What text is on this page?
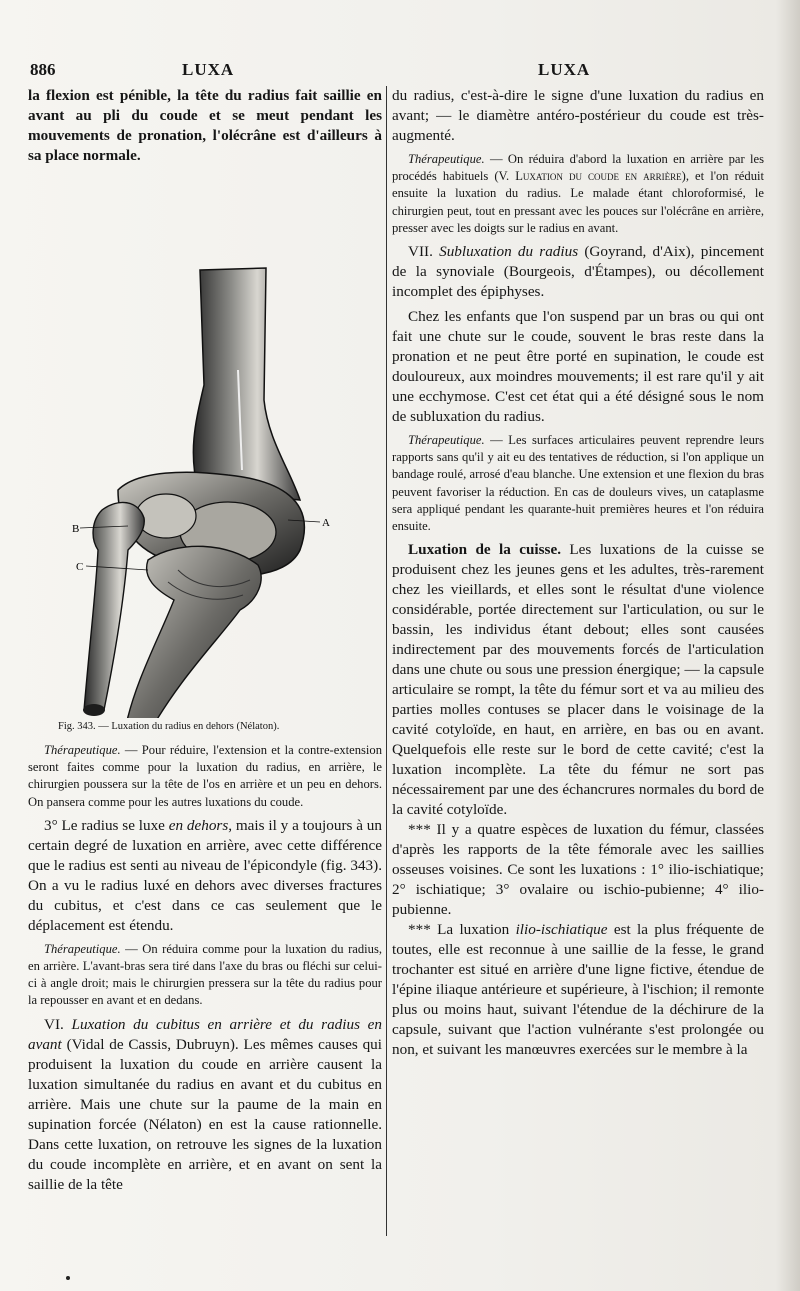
886	LUXA	LUXA

la flexion est pénible, la tête du radius fait saillie en avant au pli du coude et se meut pendant les mouvements de pronation, l'olécrâne est d'ailleurs à sa place normale.

B
C
A

Fig. 343. — Luxation du radius en dehors (Nélaton).

Thérapeutique. — Pour réduire, l'extension et la contre-extension seront faites comme pour la luxation du radius, en arrière, le chirurgien poussera sur la tête de l'os en arrière et un peu en dehors. On pansera comme pour les autres luxations du coude.

3° Le radius se luxe en dehors, mais il y a toujours à un certain degré de luxation en arrière, avec cette différence que le radius est senti au niveau de l'épicondyle (fig. 343). On a vu le radius luxé en dehors avec diverses fractures du cubitus, et c'est dans ce cas seulement que le déplacement est étendu.

Thérapeutique. — On réduira comme pour la luxation du radius, en arrière. L'avant-bras sera tiré dans l'axe du bras ou fléchi sur celui-ci à angle droit; mais le chirurgien pressera sur la tête du radius pour la repousser en avant et en dedans.

VI. Luxation du cubitus en arrière et du radius en avant (Vidal de Cassis, Dubruyn). Les mêmes causes qui produisent la luxation du coude en arrière causent la luxation simultanée du radius en avant et du cubitus en arrière. Mais une chute sur la paume de la main en supination forcée (Nélaton) en est la cause rationnelle. Dans cette luxation, on retrouve les signes de la luxation du coude incomplète en arrière, et en avant on sent la saillie de la tête

du radius, c'est-à-dire le signe d'une luxation du radius en avant; — le diamètre antéro-postérieur du coude est très-augmenté.

Thérapeutique. — On réduira d'abord la luxation en arrière par les procédés habituels (V. Luxation du coude en arrière), et l'on réduit ensuite la luxation du radius. Le malade étant chloroformisé, le chirurgien peut, tout en pressant avec les pouces sur l'olécrâne en arrière, presser avec les doigts sur le radius en avant.

VII. Subluxation du radius (Goyrand, d'Aix), pincement de la synoviale (Bourgeois, d'Étampes), ou décollement incomplet des épiphyses.

Chez les enfants que l'on suspend par un bras ou qui ont fait une chute sur le coude, souvent le bras reste dans la pronation et ne peut être porté en supination, le coude est douloureux, aux moindres mouvements; il est rare qu'il y ait une ecchymose. C'est cet état qui a été désigné sous le nom de subluxation du radius.

Thérapeutique. — Les surfaces articulaires peuvent reprendre leurs rapports sans qu'il y ait eu des tentatives de réduction, si l'on applique un bandage roulé, arrosé d'eau blanche. Une extension et une flexion du bras peuvent favoriser la réduction. En cas de douleurs vives, un cataplasme sera appliqué pendant les quarante-huit premières heures et l'on réduira ensuite.

Luxation de la cuisse. Les luxations de la cuisse se produisent chez les jeunes gens et les adultes, très-rarement chez les vieillards, et elles sont le résultat d'une violence considérable, portée directement sur l'articulation, ou sur le bassin, les individus étant debout; elles sont causées indirectement par des mouvements forcés de l'articulation dans une chute ou sous une pression énergique; — la capsule articulaire se rompt, la tête du fémur sort et va au milieu des parties molles contuses se placer dans le voisinage de la cavité cotyloïde, en haut, en arrière, en bas ou en avant. Quelquefois elle reste sur le bord de cette cavité; c'est la luxation incomplète. La tête du fémur ne sort pas nécessairement par une des échancrures normales du bord de la cavité cotyloïde.

*** Il y a quatre espèces de luxation du fémur, classées d'après les rapports de la tête fémorale avec les saillies osseuses voisines. Ce sont les luxations : 1° ilio-ischiatique; 2° ischiatique; 3° ovalaire ou ischio-pubienne; 4° ilio-pubienne.

*** La luxation ilio-ischiatique est la plus fréquente de toutes, elle est reconnue à une saillie de la fesse, le grand trochanter est situé en arrière d'une ligne fictive, étendue de l'épine iliaque antérieure et supérieure, à l'ischion; il remonte plus ou moins haut, suivant l'étendue de la déchirure de la capsule, suivant que l'action vulnérante s'est prolongée ou non, et suivant les manœuvres exercées sur le membre à la
